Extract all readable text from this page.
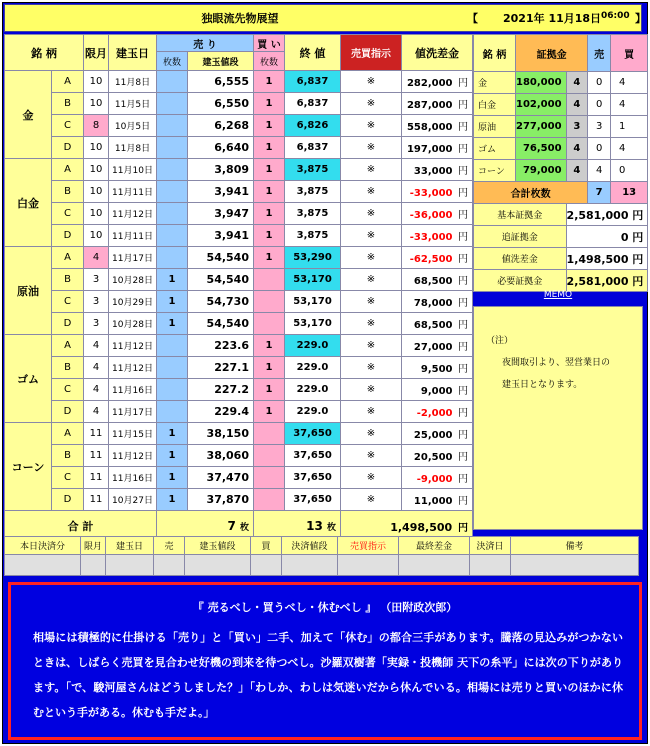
独眼流先物展望	【 2021年 11月18日 06:00 】
銘 柄		限月	建玉日	売 り		買 い	終 値	売買指示	値洗差金
				枚数	建玉値段	枚数			
金	A	10	11月8日		6,555	1	6,837	※	282,000 円
	B	10	11月5日		6,550	1	6,837	※	287,000 円
	C	8	10月5日		6,268	1	6,826	※	558,000 円
	D	10	11月8日		6,640	1	6,837	※	197,000 円
白金	A	10	11月10日		3,809	1	3,875	※	33,000 円
	B	10	11月11日		3,941	1	3,875	※	-33,000 円
	C	10	11月12日		3,947	1	3,875	※	-36,000 円
	D	10	11月11日		3,941	1	3,875	※	-33,000 円
原油	A	4	11月17日		54,540	1	53,290	※	-62,500 円
	B	3	10月28日	1	54,540		53,170	※	68,500 円
	C	3	10月29日	1	54,730		53,170	※	78,000 円
	D	3	10月28日	1	54,540		53,170	※	68,500 円
ゴム	A	4	11月12日		223.6	1	229.0	※	27,000 円
	B	4	11月12日		227.1	1	229.0	※	9,500 円
	C	4	11月16日		227.2	1	229.0	※	9,000 円
	D	4	11月17日		229.4	1	229.0	※	-2,000 円
コーン	A	11	11月15日	1	38,150		37,650	※	25,000 円
	B	11	11月12日	1	38,060		37,650	※	20,500 円
	C	11	11月16日	1	37,470		37,650	※	-9,000 円
	D	11	10月27日	1	37,870		37,650	※	11,000 円
合 計				7 枚		13 枚		1,498,500 円	
銘 柄	証拠金		売	買	
金	180,000	4	0	4	
白金	102,000	4	0	4	
原油	277,000	3	3	1	
ゴム	76,500	4	0	4	
コーン	79,000	4	4	0	
合計枚数			7	13	
基本証拠金		2,581,000 円			
追証拠金		0 円			
値洗差金		1,498,500 円			
必要証拠金		2,581,000 円			
MEMO

（注）

夜間取引より、翌営業日の

建玉日となります。

本日決済分	限月	建玉日	売	建玉値段	買	決済値段	売買指示	最終差金	決済日	備考

『 売るべし・買うべし・休むべし 』 （田附政次郎）
相場には積極的に仕掛ける「売り」と「買い」二手、加えて「休む」の都合三手があります。騰落の見込みがつかないときは、しばらく売買を見合わせ好機の到来を待つべし。沙羅双樹著「実録・投機師 天下の糸平」には次の下りがあります。「で、駿河屋さんはどうしました？」「わしか、わしは気迷いだから休んでいる。相場には売りと買いのほかに休むという手がある。休むも手だよ。」
